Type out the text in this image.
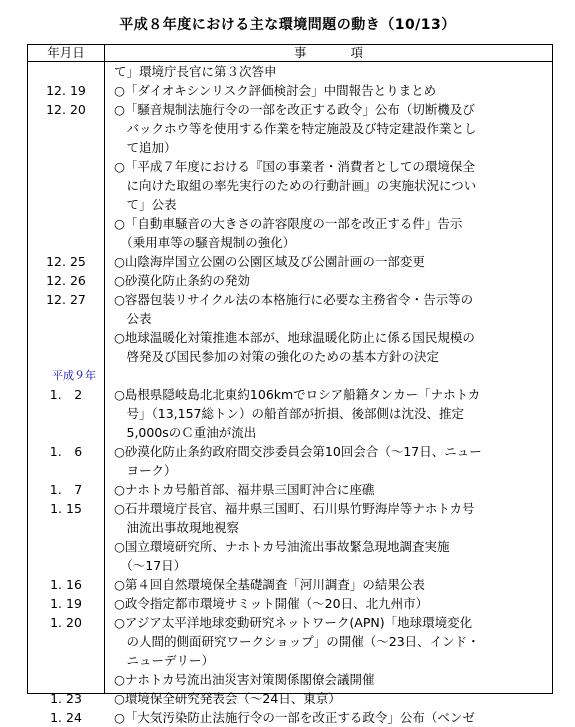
平成８年度における主な環境問題の動き（10/13）
年月日	事項
て」環境庁長官に第３次答申
12. 19	○「ダイオキシンリスク評価検討会」中間報告とりまとめ
12. 20	○「騒音規制法施行令の一部を改正する政令」公布（切断機及び
　バックホウ等を使用する作業を特定施設及び特定建設作業とし
　て追加）
○「平成７年度における『国の事業者・消費者としての環境保全
　に向けた取組の率先実行のための行動計画』の実施状況につい
　て」公表
○「自動車騒音の大きさの許容限度の一部を改正する件」告示
　（乗用車等の騒音規制の強化）
12. 25	○山陰海岸国立公園の公園区域及び公園計画の一部変更
12. 26	○砂漠化防止条約の発効
12. 27	○容器包装リサイクル法の本格施行に必要な主務省令・告示等の
　公表
○地球温暖化対策推進本部が、地球温暖化防止に係る国民規模の
　啓発及び国民参加の対策の強化のための基本方針の決定
平成９年
1.　2	○島根県隠岐島北北東約106kmでロシア船籍タンカー「ナホトカ
　号」（13,157総トン）の船首部が折損、後部側は沈没、推定
　5,000sのＣ重油が流出
1.　6	○砂漠化防止条約政府間交渉委員会第10回会合（～17日、ニュー
　ヨーク）
1.　7	○ナホトカ号船首部、福井県三国町沖合に座礁
1. 15	○石井環境庁長官、福井県三国町、石川県竹野海岸等ナホトカ号
　油流出事故現地視察
○国立環境研究所、ナホトカ号油流出事故緊急現地調査実施
　（～17日）
1. 16	○第４回自然環境保全基礎調査「河川調査」の結果公表
1. 19	○政令指定都市環境サミット開催（～20日、北九州市）
1. 20	○アジア太平洋地球変動研究ネットワーク(APN)「地球環境変化
　の人間的側面研究ワークショップ」の開催（～23日、インド・
　ニューデリー）
○ナホトカ号流出油災害対策関係閣僚会議開催
1. 23	○環境保全研究発表会（～24日、東京）
1. 24	○「大気汚染防止法施行令の一部を改正する政令」公布（ベンゼ
